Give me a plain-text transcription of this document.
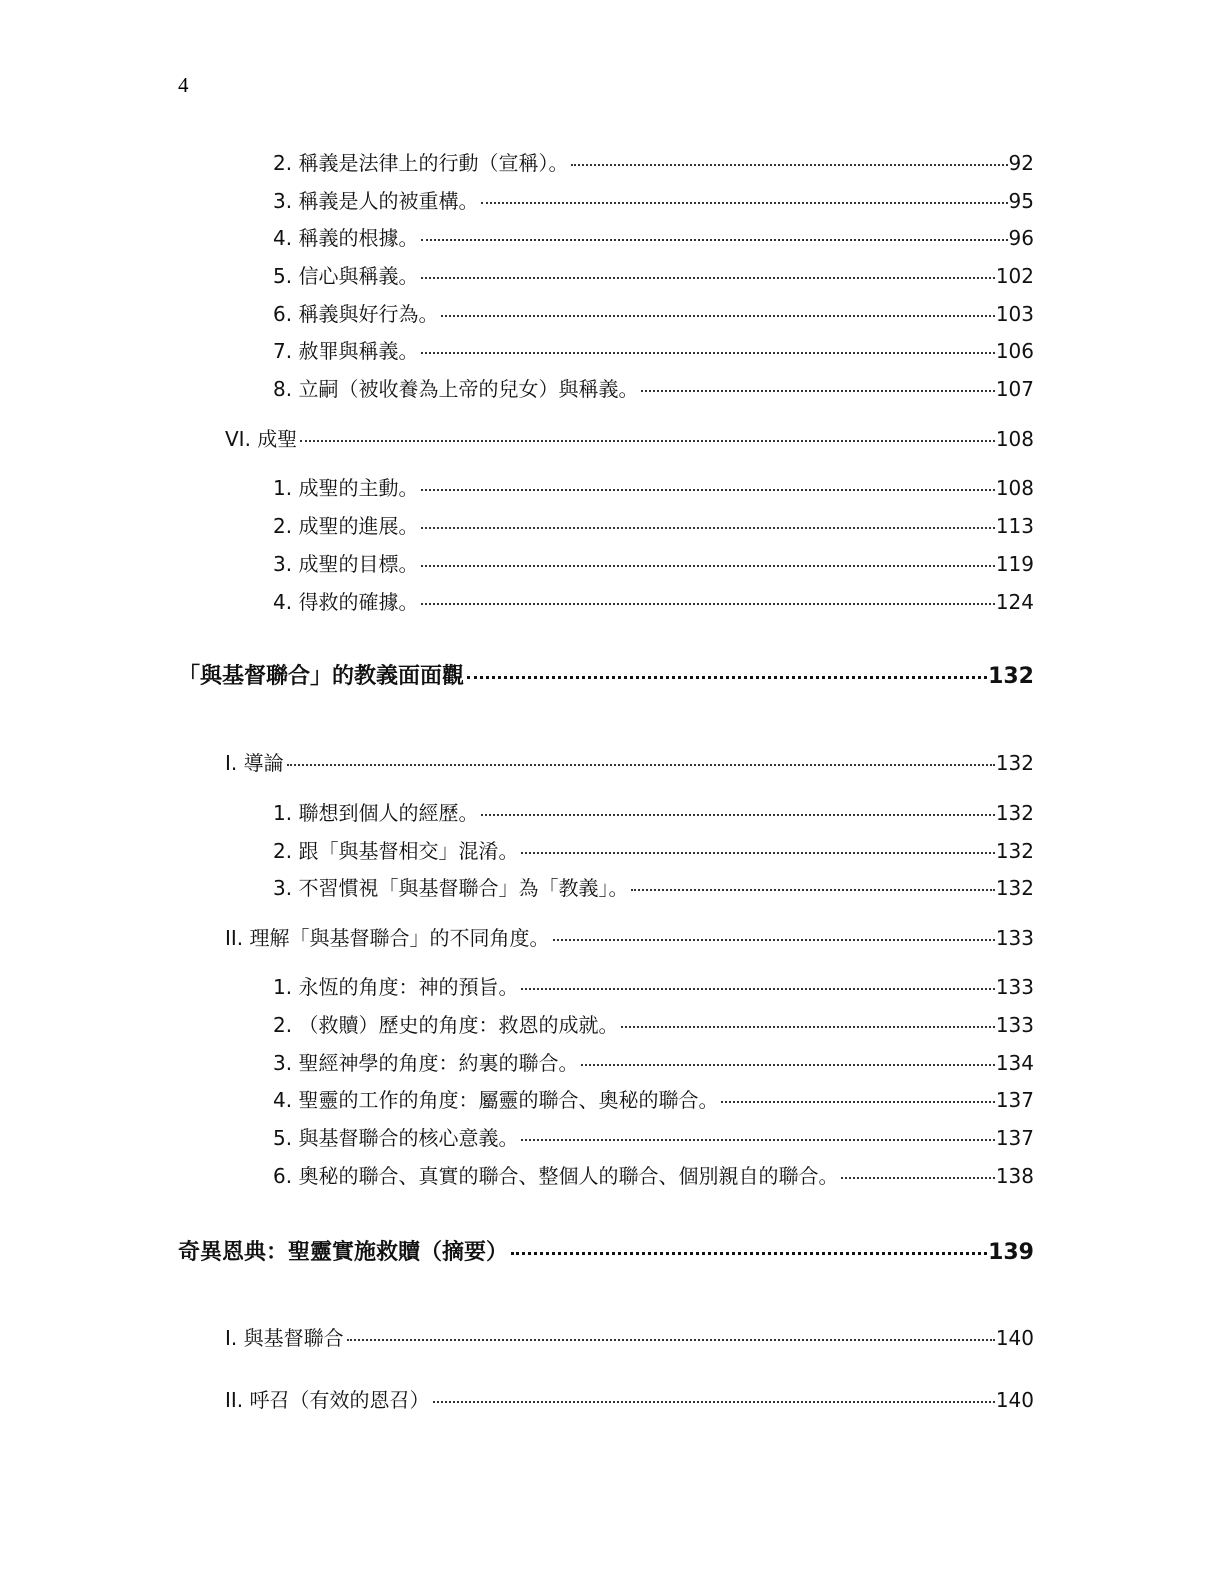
4
2. 稱義是法律上的行動（宣稱）。	92
3. 稱義是人的被重構。	95
4. 稱義的根據。	96
5. 信心與稱義。	102
6. 稱義與好行為。	103
7. 赦罪與稱義。	106
8. 立嗣（被收養為上帝的兒女）與稱義。	107
VI. 成聖	108
1. 成聖的主動。	108
2. 成聖的進展。	113
3. 成聖的目標。	119
4. 得救的確據。	124
「與基督聯合」的教義面面觀	132
I. 導論	132
1. 聯想到個人的經歷。	132
2. 跟「與基督相交」混淆。	132
3. 不習慣視「與基督聯合」為「教義」。	132
II. 理解「與基督聯合」的不同角度。	133
1. 永恆的角度：神的預旨。	133
2. （救贖）歷史的角度：救恩的成就。	133
3. 聖經神學的角度：約裏的聯合。	134
4. 聖靈的工作的角度：屬靈的聯合、奧秘的聯合。	137
5. 與基督聯合的核心意義。	137
6. 奧秘的聯合、真實的聯合、整個人的聯合、個別親自的聯合。	138
奇異恩典：聖靈實施救贖（摘要）	139
I. 與基督聯合	140
II. 呼召（有效的恩召）	140
